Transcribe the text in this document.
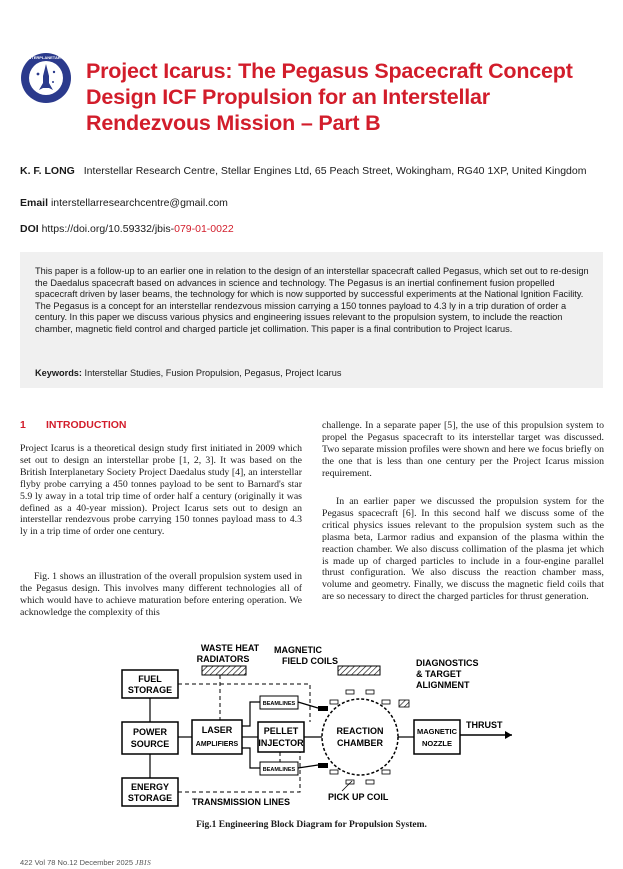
BRITISH INTERPLANETARY SOCIETY
Project Icarus: The Pegasus Spacecraft Concept Design ICF Propulsion for an Interstellar Rendezvous Mission – Part B
K. F. LONG Interstellar Research Centre, Stellar Engines Ltd, 65 Peach Street, Wokingham, RG40 1XP, United Kingdom
Email interstellarresearchcentre@gmail.com
DOI https://doi.org/10.59332/jbis-079-01-0022

This paper is a follow-up to an earlier one in relation to the design of an interstellar spacecraft called Pegasus, which set out to re-design the Daedalus spacecraft based on advances in science and technology. The Pegasus is an inertial confinement fusion propelled spacecraft driven by laser beams, the technology for which is now supported by successful experiments at the National Ignition Facility. The Pegasus is a concept for an interstellar rendezvous mission carrying a 150 tonnes payload to 4.3 ly in a trip duration of order a century. In this paper we discuss various physics and engineering issues relevant to the propulsion system, to include the reaction chamber, magnetic field control and charged particle jet collimation. This paper is a final contribution to Project Icarus.

Keywords: Interstellar Studies, Fusion Propulsion, Pegasus, Project Icarus
1 INTRODUCTION

Project Icarus is a theoretical design study first initiated in 2009 which set out to design an interstellar probe [1, 2, 3]. It was based on the British Interplanetary Society Project Daedalus study [4], an interstellar flyby probe carrying a 450 tonnes payload to be sent to Barnard's star 5.9 ly away in a total trip time of order half a century (originally it was defined as a 40-year mission). Project Icarus sets out to design an interstellar rendezvous probe carrying 150 tonnes payload mass to 4.3 ly in a trip time of order one century.

Fig. 1 shows an illustration of the overall propulsion system used in the Pegasus design. This involves many different technologies all of which would have to achieve maturation before entering operation. We acknowledge the complexity of this

challenge. In a separate paper [5], the use of this propulsion system to propel the Pegasus spacecraft to its interstellar target was discussed. Two separate mission profiles were shown and here we focus briefly on the one that is less than one century per the Project Icarus mission requirement.

In an earlier paper we discussed the propulsion system for the Pegasus spacecraft [6]. In this second half we discuss some of the critical physics issues relevant to the propulsion system such as the plasma beta, Larmor radius and expansion of the plasma within the reaction chamber. We also discuss collimation of the plasma jet which is made up of charged particles to include in a four-engine parallel thrust configuration. We also discuss the reaction chamber mass, volume and geometry. Finally, we discuss the magnetic field coils that are so necessary to direct the charged particles for thrust generation.

FUEL
STORAGE
POWER
SOURCE
ENERGY
STORAGE
WASTE HEAT
RADIATORS
LASER
AMPLIFIERS
BEAMLINES
BEAMLINES
PELLET
INJECTOR
MAGNETIC
FIELD COILS
REACTION
CHAMBER
DIAGNOSTICS
& TARGET
ALIGNMENT
MAGNETIC
NOZZLE
THRUST
PICK UP COIL
TRANSMISSION LINES
Fig.1 Engineering Block Diagram for Propulsion System.
422 Vol 78 No.12 December 2025 JBIS
